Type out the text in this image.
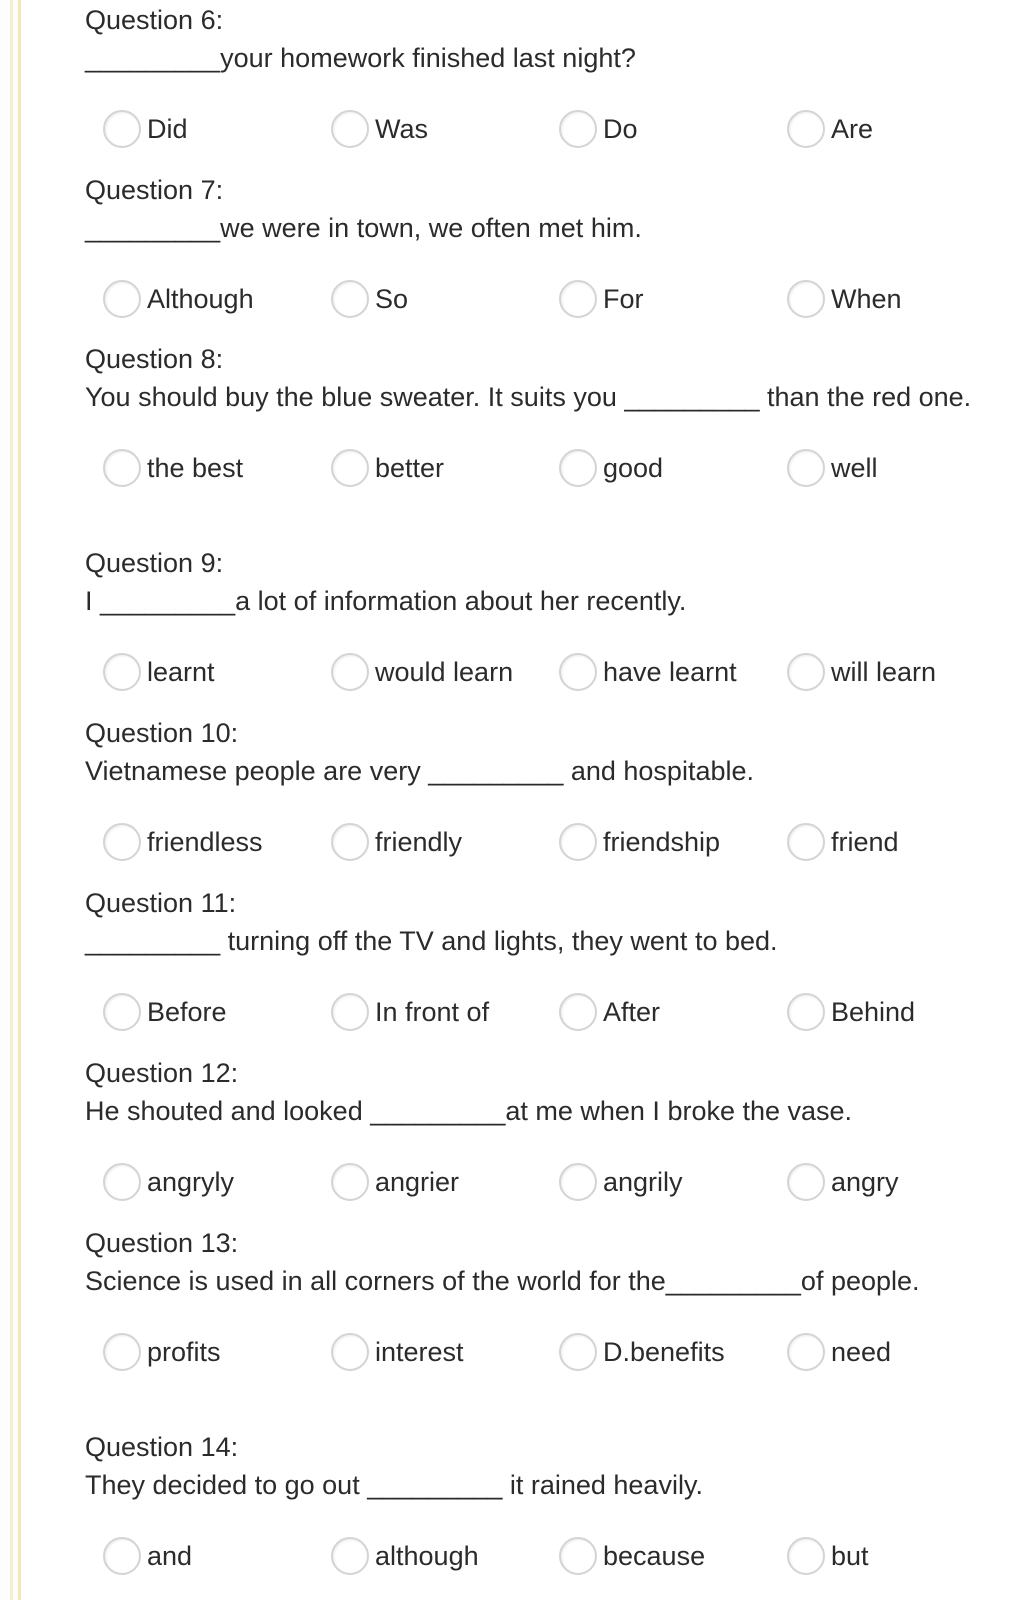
Question 6:

_________your homework finished last night?

Did	Was	Do	Are

Question 7:

_________we were in town, we often met him.

Although	So	For	When

Question 8:

You should buy the blue sweater. It suits you _________ than the red one.

the best	better	good	well

Question 9:

I _________a lot of information about her recently.

learnt	would learn	have learnt	will learn

Question 10:

Vietnamese people are very _________ and hospitable.

friendless	friendly	friendship	friend

Question 11:

_________ turning off the TV and lights, they went to bed.

Before	In front of	After	Behind

Question 12:

He shouted and looked _________at me when I broke the vase.

angryly	angrier	angrily	angry

Question 13:

Science is used in all corners of the world for the_________of people.

profits	interest	D.benefits	need

Question 14:

They decided to go out _________ it rained heavily.

and	although	because	but
